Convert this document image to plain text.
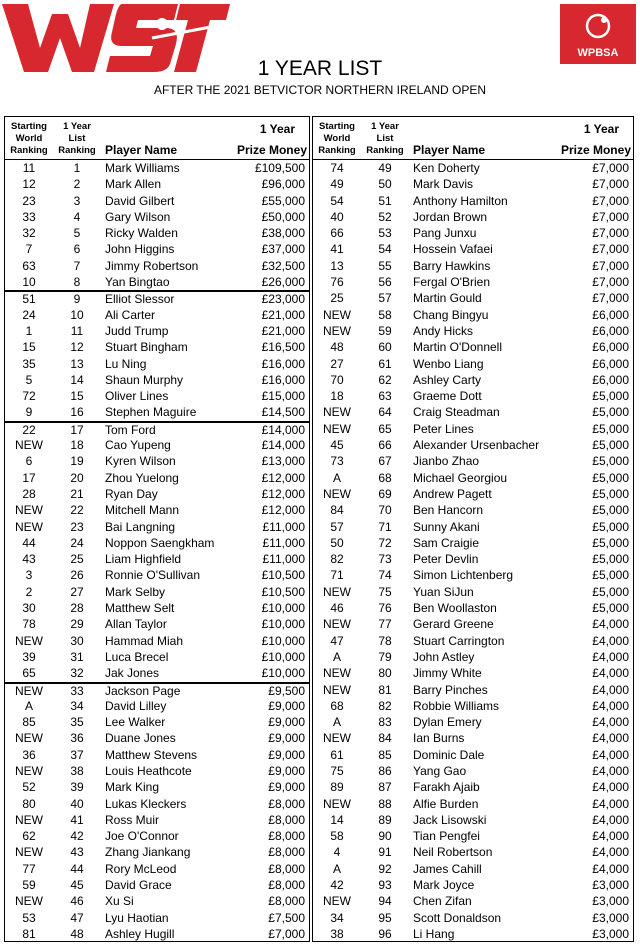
WPBSA
1 YEAR LIST
AFTER THE 2021 BETVICTOR NORTHERN IRELAND OPEN
Starting
World
Ranking
1 Year
List
Ranking Player Name
1 Year
Prize Money
11	1	Mark Williams	£109,500
12	2	Mark Allen	£96,000
23	3	David Gilbert	£55,000
33	4	Gary Wilson	£50,000
32	5	Ricky Walden	£38,000
7	6	John Higgins	£37,000
63	7	Jimmy Robertson	£32,500
10	8	Yan Bingtao	£26,000
51	9	Elliot Slessor	£23,000
24	10	Ali Carter	£21,000
1	11	Judd Trump	£21,000
15	12	Stuart Bingham	£16,500
35	13	Lu Ning	£16,000
5	14	Shaun Murphy	£16,000
72	15	Oliver Lines	£15,000
9	16	Stephen Maguire	£14,500
22	17	Tom Ford	£14,000
NEW	18	Cao Yupeng	£14,000
6	19	Kyren Wilson	£13,000
17	20	Zhou Yuelong	£12,000
28	21	Ryan Day	£12,000
NEW	22	Mitchell Mann	£12,000
NEW	23	Bai Langning	£11,000
44	24	Noppon Saengkham	£11,000
43	25	Liam Highfield	£11,000
3	26	Ronnie O'Sullivan	£10,500
2	27	Mark Selby	£10,500
30	28	Matthew Selt	£10,000
78	29	Allan Taylor	£10,000
NEW	30	Hammad Miah	£10,000
39	31	Luca Brecel	£10,000
65	32	Jak Jones	£10,000
NEW	33	Jackson Page	£9,500
A	34	David Lilley	£9,000
85	35	Lee Walker	£9,000
NEW	36	Duane Jones	£9,000
36	37	Matthew Stevens	£9,000
NEW	38	Louis Heathcote	£9,000
52	39	Mark King	£9,000
80	40	Lukas Kleckers	£8,000
NEW	41	Ross Muir	£8,000
62	42	Joe O'Connor	£8,000
NEW	43	Zhang Jiankang	£8,000
77	44	Rory McLeod	£8,000
59	45	David Grace	£8,000
NEW	46	Xu Si	£8,000
53	47	Lyu Haotian	£7,500
81	48	Ashley Hugill	£7,000
Starting
World
Ranking
1 Year
List
Ranking Player Name
1 Year
Prize Money
74	49	Ken Doherty	£7,000
49	50	Mark Davis	£7,000
54	51	Anthony Hamilton	£7,000
40	52	Jordan Brown	£7,000
66	53	Pang Junxu	£7,000
41	54	Hossein Vafaei	£7,000
13	55	Barry Hawkins	£7,000
76	56	Fergal O'Brien	£7,000
25	57	Martin Gould	£7,000
NEW	58	Chang Bingyu	£6,000
NEW	59	Andy Hicks	£6,000
48	60	Martin O'Donnell	£6,000
27	61	Wenbo Liang	£6,000
70	62	Ashley Carty	£6,000
18	63	Graeme Dott	£5,000
NEW	64	Craig Steadman	£5,000
NEW	65	Peter Lines	£5,000
45	66	Alexander Ursenbacher	£5,000
73	67	Jianbo Zhao	£5,000
A	68	Michael Georgiou	£5,000
NEW	69	Andrew Pagett	£5,000
84	70	Ben Hancorn	£5,000
57	71	Sunny Akani	£5,000
50	72	Sam Craigie	£5,000
82	73	Peter Devlin	£5,000
71	74	Simon Lichtenberg	£5,000
NEW	75	Yuan SiJun	£5,000
46	76	Ben Woollaston	£5,000
NEW	77	Gerard Greene	£4,000
47	78	Stuart Carrington	£4,000
A	79	John Astley	£4,000
NEW	80	Jimmy White	£4,000
NEW	81	Barry Pinches	£4,000
68	82	Robbie Williams	£4,000
A	83	Dylan Emery	£4,000
NEW	84	Ian Burns	£4,000
61	85	Dominic Dale	£4,000
75	86	Yang Gao	£4,000
89	87	Farakh Ajaib	£4,000
NEW	88	Alfie Burden	£4,000
14	89	Jack Lisowski	£4,000
58	90	Tian Pengfei	£4,000
4	91	Neil Robertson	£4,000
A	92	James Cahill	£4,000
42	93	Mark Joyce	£3,000
NEW	94	Chen Zifan	£3,000
34	95	Scott Donaldson	£3,000
38	96	Li Hang	£3,000
